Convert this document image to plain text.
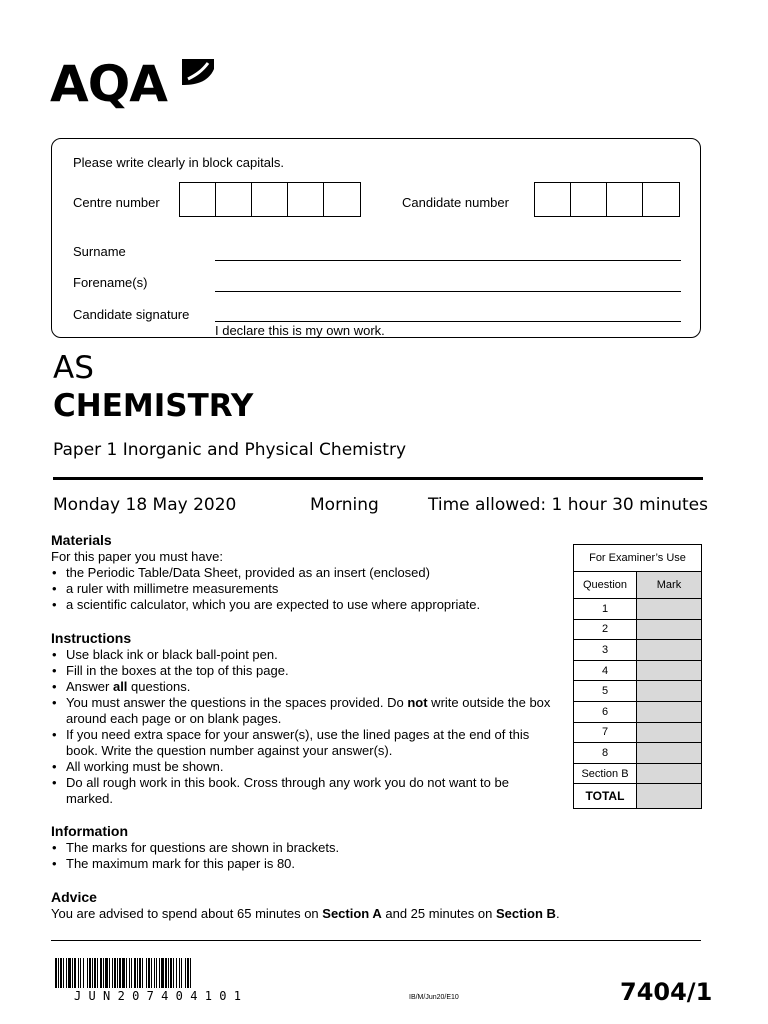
AQA
Please write clearly in block capitals.
Centre number	Candidate number
Surname
Forename(s)
Candidate signature
I declare this is my own work.
AS
CHEMISTRY
Paper 1 Inorganic and Physical Chemistry
Monday 18 May 2020	Morning	Time allowed: 1 hour 30 minutes
Materials
For this paper you must have:
• the Periodic Table/Data Sheet, provided as an insert (enclosed)
• a ruler with millimetre measurements
• a scientific calculator, which you are expected to use where appropriate.
Instructions
• Use black ink or black ball-point pen.
• Fill in the boxes at the top of this page.
• Answer all questions.
• You must answer the questions in the spaces provided. Do not write outside the box around each page or on blank pages.
• If you need extra space for your answer(s), use the lined pages at the end of this book. Write the question number against your answer(s).
• All working must be shown.
• Do all rough work in this book. Cross through any work you do not want to be marked.
Information
• The marks for questions are shown in brackets.
• The maximum mark for this paper is 80.
Advice
You are advised to spend about 65 minutes on Section A and 25 minutes on Section B.
For Examiner’s Use	
Question	Mark
1	
2	
3	
4	
5	
6	
7	
8	
Section B	
TOTAL	
JUN207404101	IB/M/Jun20/E10	7404/1
